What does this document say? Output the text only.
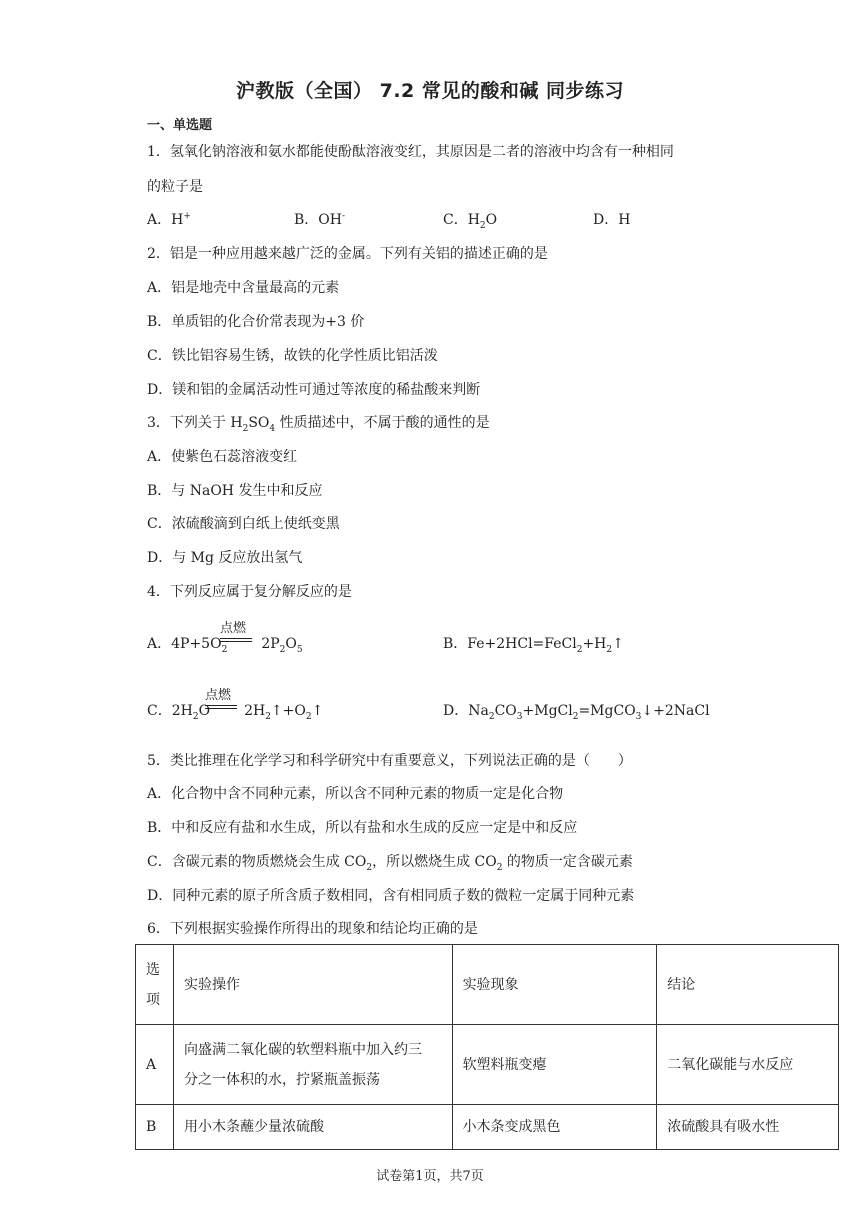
沪教版（全国） 7.2 常见的酸和碱 同步练习
一、单选题
1．氢氧化钠溶液和氨水都能使酚酞溶液变红，其原因是二者的溶液中均含有一种相同
的粒子是
A．H+	B．OH-	C．$H_2O$	D．H
2．铝是一种应用越来越广泛的金属。下列有关铝的描述正确的是
A．铝是地壳中含量最高的元素
B．单质铝的化合价常表现为+3 价
C．铁比铝容易生锈，故铁的化学性质比铝活泼
D．镁和铝的金属活动性可通过等浓度的稀盐酸来判断
3．下列关于 $H_2SO_4$ 性质描述中，不属于酸的通性的是
A．使紫色石蕊溶液变红
B．与 NaOH 发生中和反应
C．浓硫酸滴到白纸上使纸变黑
D．与 Mg 反应放出氢气
4．下列反应属于复分解反应的是
A．$4P+5O_2$ $2P_2O_5$
点燃
B．$Fe+2HCl=FeCl_2+H_2↑$
C．$2H_2O$ $2H_2↑+O_2↑$
点燃
D．$Na_2CO_3+MgCl_2=MgCO_3↓+2NaCl$
5．类比推理在化学学习和科学研究中有重要意义，下列说法正确的是（　　）
A．化合物中含不同种元素，所以含不同种元素的物质一定是化合物
B．中和反应有盐和水生成，所以有盐和水生成的反应一定是中和反应
C．含碳元素的物质燃烧会生成 $CO_2$，所以燃烧生成 $CO_2$ 的物质一定含碳元素
D．同种元素的原子所含质子数相同，含有相同质子数的微粒一定属于同种元素
6．下列根据实验操作所得出的现象和结论均正确的是
选
项	实验操作	实验现象	结论
A	向盛满二氧化碳的软塑料瓶中加入约三
分之一体积的水，拧紧瓶盖振荡	软塑料瓶变瘪	二氧化碳能与水反应
B	用小木条蘸少量浓硫酸	小木条变成黑色	浓硫酸具有吸水性
试卷第1页，共7页
